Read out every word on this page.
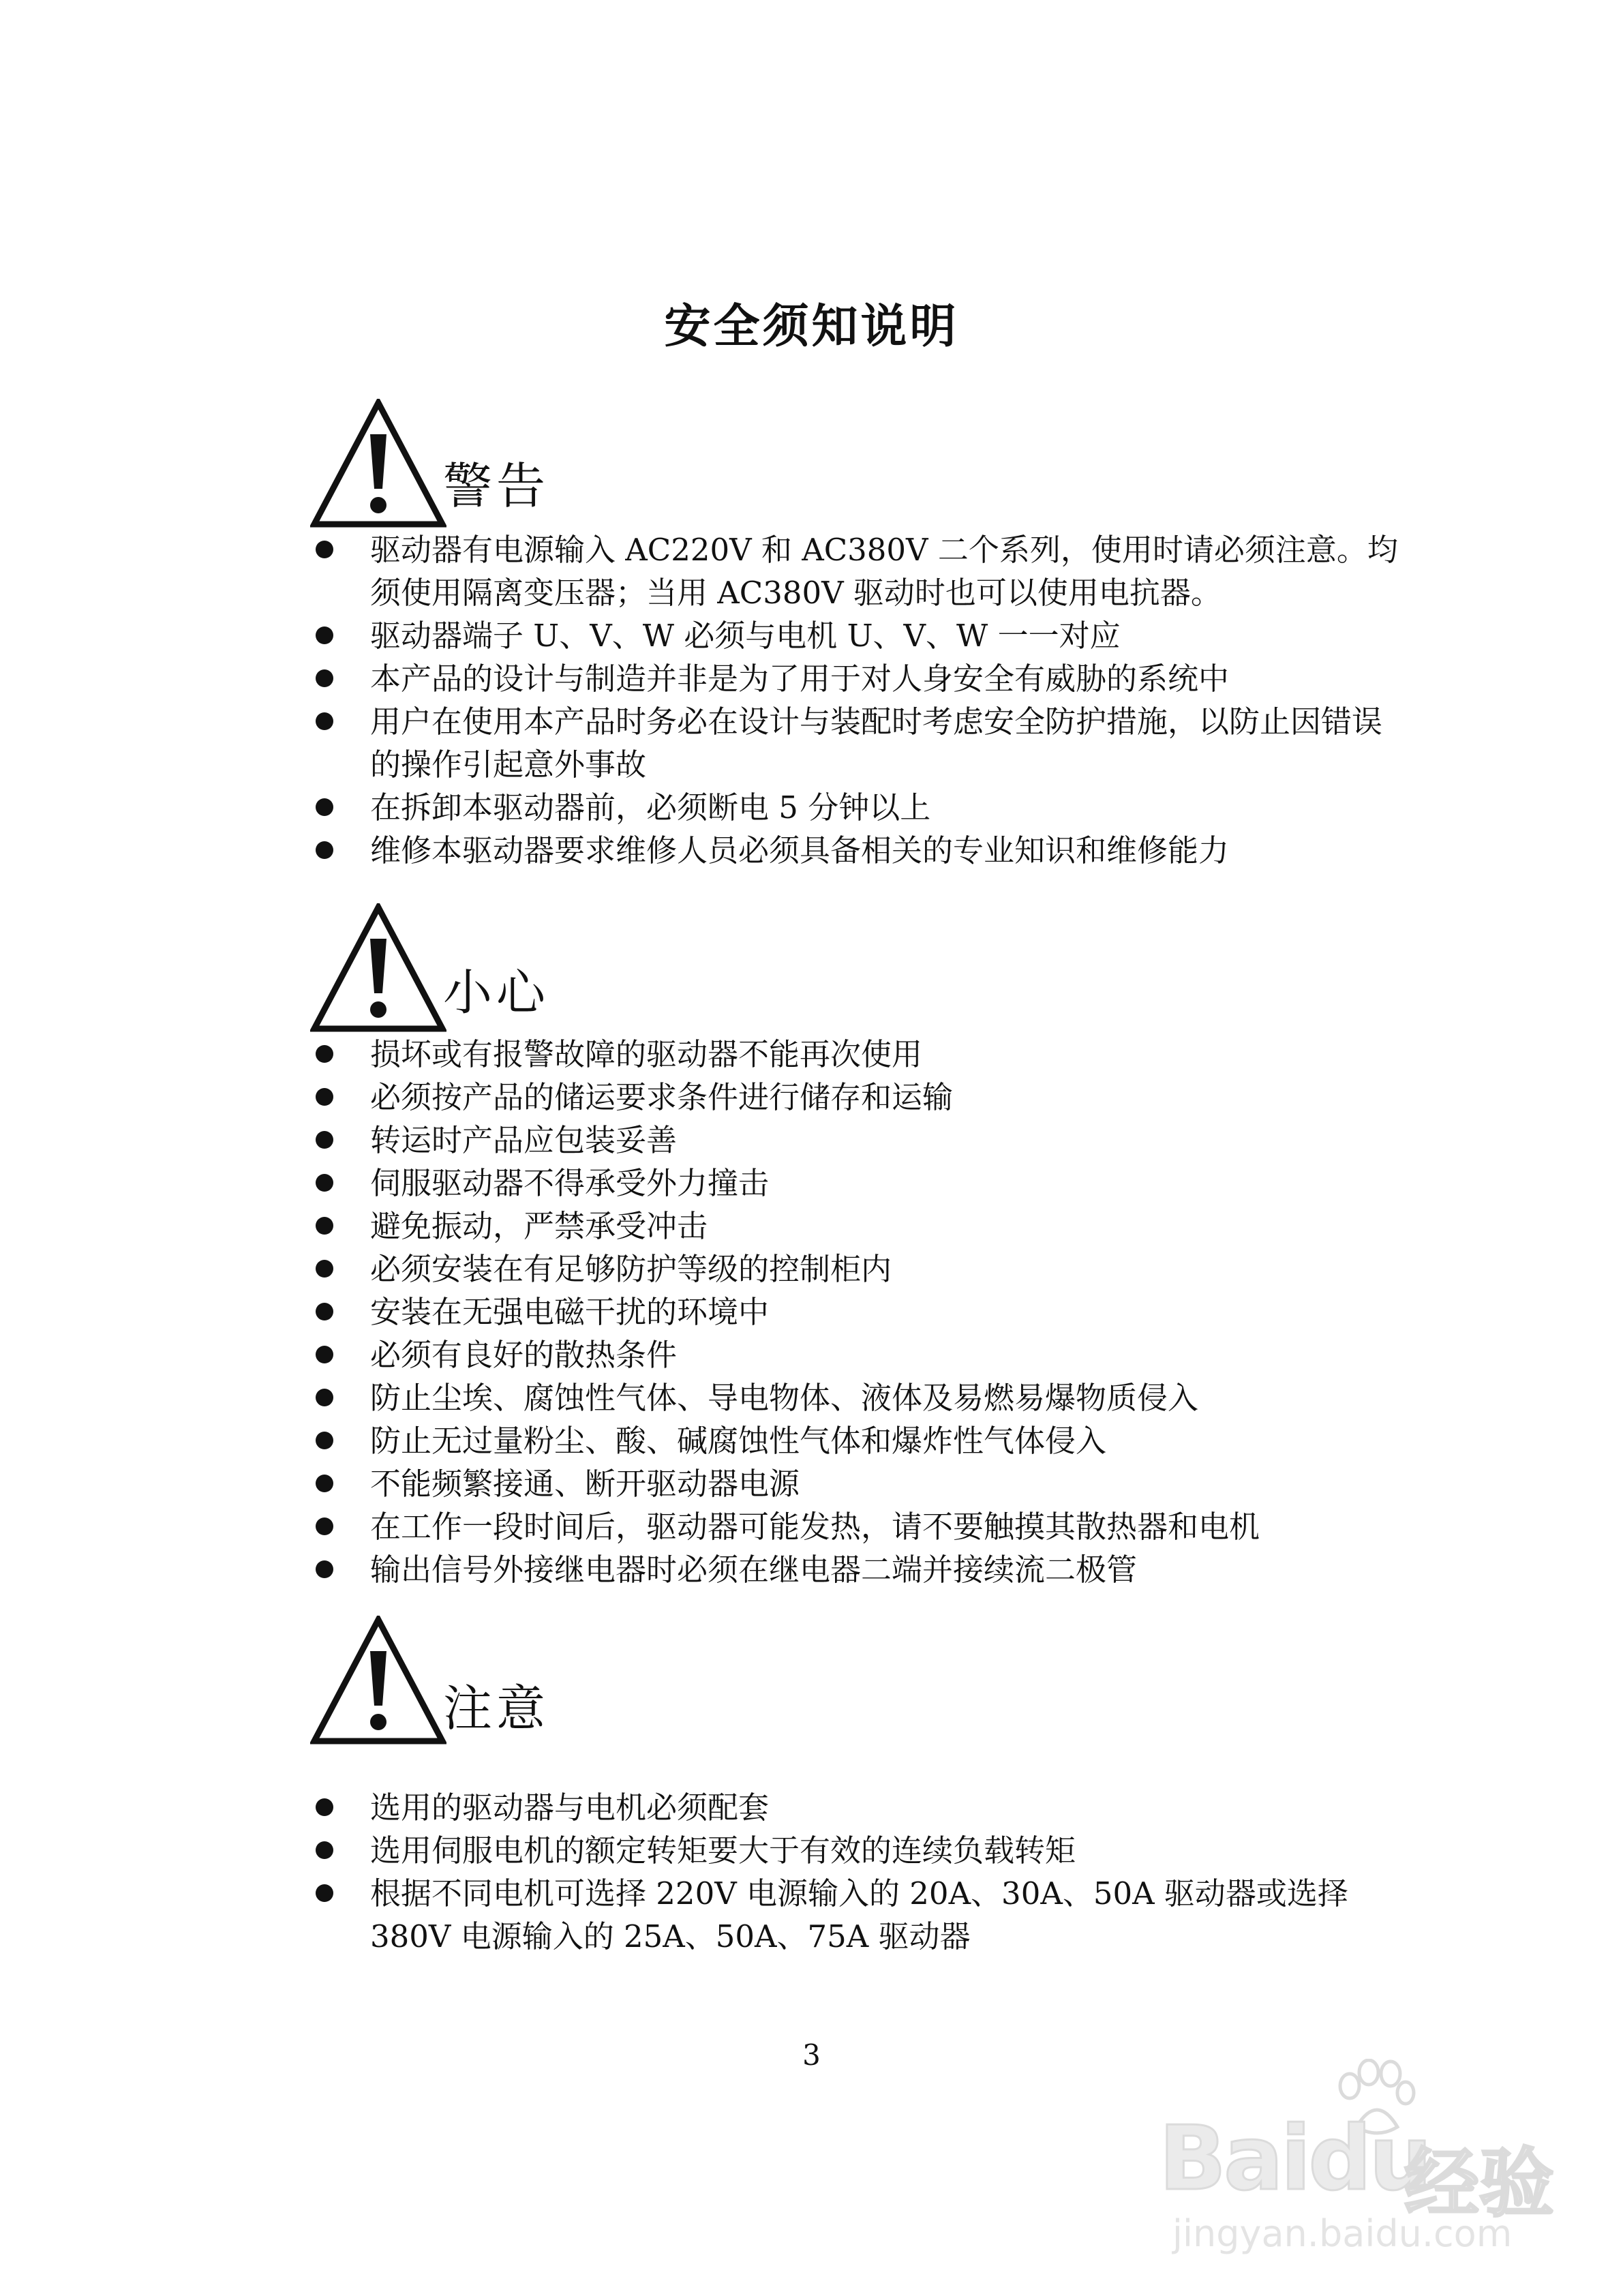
安全须知说明
警告
驱动器有电源输入 AC220V 和 AC380V 二个系列，使用时请必须注意。均须使用隔离变压器；当用 AC380V 驱动时也可以使用电抗器。
驱动器端子 U、V、W 必须与电机 U、V、W 一一对应
本产品的设计与制造并非是为了用于对人身安全有威胁的系统中
用户在使用本产品时务必在设计与装配时考虑安全防护措施，以防止因错误的操作引起意外事故
在拆卸本驱动器前，必须断电 5 分钟以上
维修本驱动器要求维修人员必须具备相关的专业知识和维修能力
小心
损坏或有报警故障的驱动器不能再次使用
必须按产品的储运要求条件进行储存和运输
转运时产品应包装妥善
伺服驱动器不得承受外力撞击
避免振动，严禁承受冲击
必须安装在有足够防护等级的控制柜内
安装在无强电磁干扰的环境中
必须有良好的散热条件
防止尘埃、腐蚀性气体、导电物体、液体及易燃易爆物质侵入
防止无过量粉尘、酸、碱腐蚀性气体和爆炸性气体侵入
不能频繁接通、断开驱动器电源
在工作一段时间后，驱动器可能发热，请不要触摸其散热器和电机
输出信号外接继电器时必须在继电器二端并接续流二极管
注意
选用的驱动器与电机必须配套
选用伺服电机的额定转矩要大于有效的连续负载转矩
根据不同电机可选择 220V 电源输入的 20A、30A、50A 驱动器或选择 380V 电源输入的 25A、50A、75A 驱动器
3
Baidu
经验
jingyan.baidu.com
